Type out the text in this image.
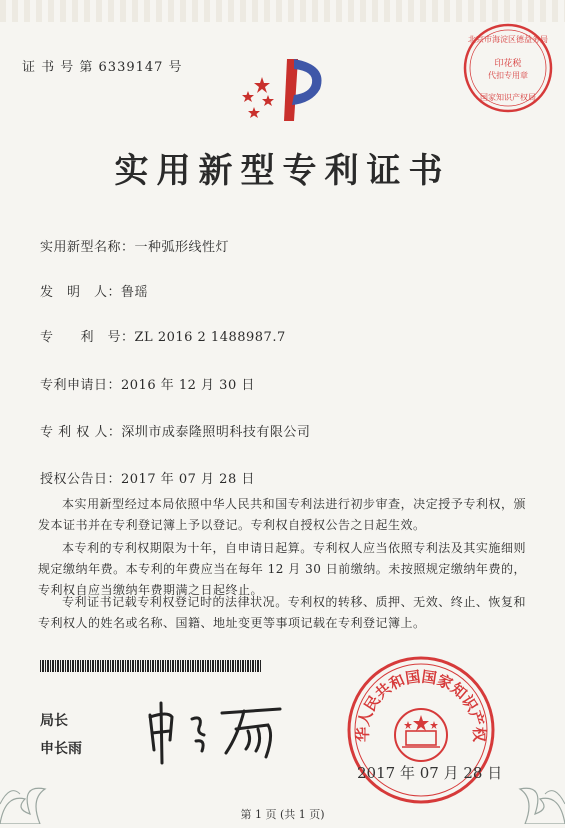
证 书 号 第 6339147 号
北京市海淀区德益务局
印花税
代扣专用章
国家知识产权局
实用新型专利证书
实用新型名称：一种弧形线性灯
发　明　人：鲁瑶
专　　利　号：ZL 2016 2 1488987.7
专利申请日：2016 年 12 月 30 日
专 利 权 人：深圳市成泰隆照明科技有限公司
授权公告日：2017 年 07 月 28 日
本实用新型经过本局依照中华人民共和国专利法进行初步审查，决定授予专利权，颁发本证书并在专利登记簿上予以登记。专利权自授权公告之日起生效。
本专利的专利权期限为十年，自申请日起算。专利权人应当依照专利法及其实施细则规定缴纳年费。本专利的年费应当在每年 12 月 30 日前缴纳。未按照规定缴纳年费的，专利权自应当缴纳年费期满之日起终止。
专利证书记载专利权登记时的法律状况。专利权的转移、质押、无效、终止、恢复和专利权人的姓名或名称、国籍、地址变更等事项记载在专利登记簿上。
局长
申长雨
华人民共和国国家知识产权
2017 年 07 月 28 日
第 1 页 (共 1 页)
